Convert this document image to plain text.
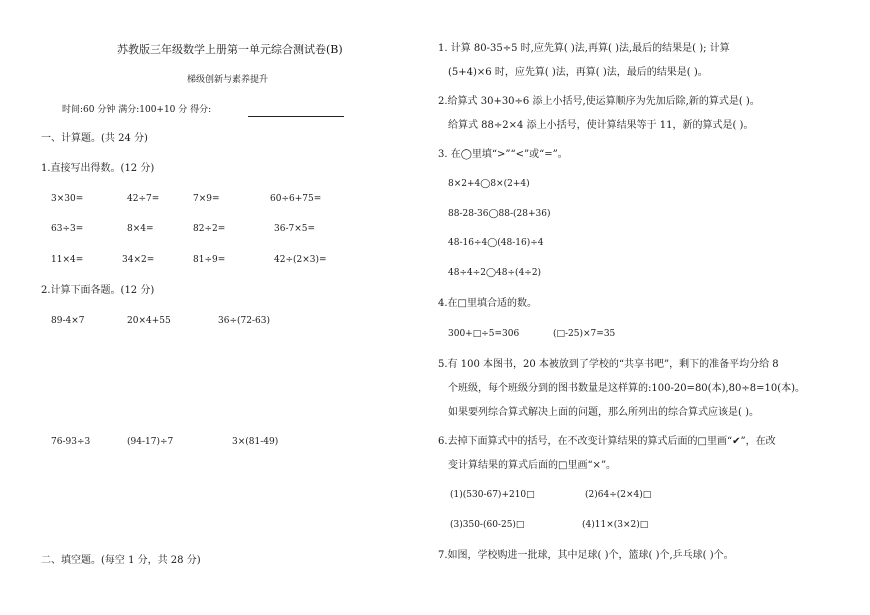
苏教版三年级数学上册第一单元综合测试卷(B)
梯级创新与素养提升
时间:60 分钟 满分:100+10 分 得分:
一、计算题。(共 24 分)
1.直接写出得数。(12 分)
3×30=	42÷7=	7×9=	60÷6+75=
63÷3=	8×4=	82÷2=	36-7×5=
11×4=	34×2=	81÷9=	42÷(2×3)=
2.计算下面各题。(12 分)
89-4×7	20×4+55	36÷(72-63)
76-93÷3	(94-17)÷7	3×(81-49)
二、填空题。(每空 1 分，共 28 分)
1. 计算 80-35÷5 时,应先算( )法,再算( )法,最后的结果是( ); 计算
(5+4)×6 时，应先算( )法，再算( )法，最后的结果是( )。
2.给算式 30+30÷6 添上小括号,使运算顺序为先加后除,新的算式是( )。
给算式 88÷2×4 添上小括号，使计算结果等于 11，新的算式是( )。
3. 在◯里填“>”“<”或“=”。
8×2+4◯8×(2+4)
88-28-36◯88-(28+36)
48-16÷4◯(48-16)÷4
48÷4÷2◯48÷(4÷2)
4.在□里填合适的数。
300+□÷5=306	(□-25)×7=35
5.有 100 本图书，20 本被放到了学校的“共享书吧”，剩下的准备平均分给 8
个班级，每个班级分到的图书数量是这样算的:100-20=80(本),80÷8=10(本)。
如果要列综合算式解决上面的问题，那么所列出的综合算式应该是( )。
6.去掉下面算式中的括号，在不改变计算结果的算式后面的□里画“✔”，在改
变计算结果的算式后面的□里画“×”。
(1)(530-67)+210□	(2)64÷(2×4)□
(3)350-(60-25)□	(4)11×(3×2)□
7.如图，学校购进一批球，其中足球( )个，篮球( )个,乒乓球( )个。
